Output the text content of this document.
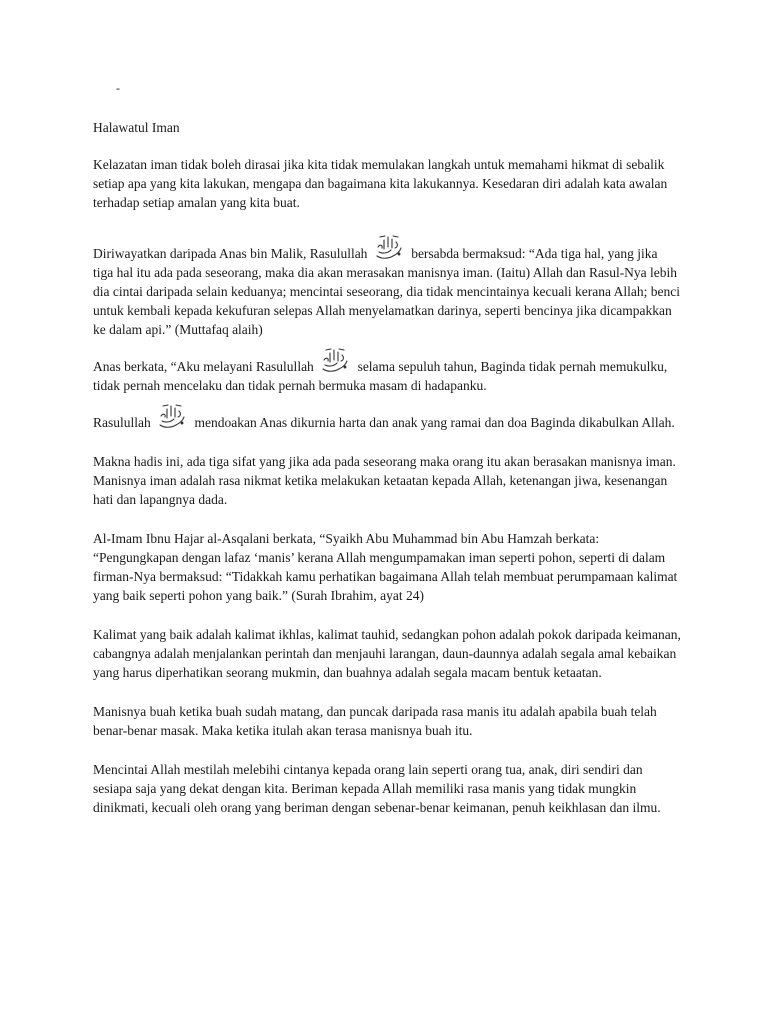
-
Halawatul Iman

Kelazatan iman tidak boleh dirasai jika kita tidak memulakan langkah untuk memahami hikmat di sebalik setiap apa yang kita lakukan, mengapa dan bagaimana kita lakukannya. Kesedaran diri adalah kata awalan terhadap setiap amalan yang kita buat.

Diriwayatkan daripada Anas bin Malik, Rasulullah	bersabda bermaksud: “Ada tiga hal, yang jika tiga hal itu ada pada seseorang, maka dia akan merasakan manisnya iman. (Iaitu) Allah dan Rasul-Nya lebih dia cintai daripada selain keduanya; mencintai seseorang, dia tidak mencintainya kecuali kerana Allah; benci untuk kembali kepada kekufuran selepas Allah menyelamatkan darinya, seperti bencinya jika dicampakkan ke dalam api.” (Muttafaq alaih)

Anas berkata, “Aku melayani Rasulullah	selama sepuluh tahun, Baginda tidak pernah memukulku, tidak pernah mencelaku dan tidak pernah bermuka masam di hadapanku.

Rasulullah	mendoakan Anas dikurnia harta dan anak yang ramai dan doa Baginda dikabulkan Allah.

Makna hadis ini, ada tiga sifat yang jika ada pada seseorang maka orang itu akan berasakan manisnya iman. Manisnya iman adalah rasa nikmat ketika melakukan ketaatan kepada Allah, ketenangan jiwa, kesenangan hati dan lapangnya dada.

Al-Imam Ibnu Hajar al-Asqalani berkata, “Syaikh Abu Muhammad bin Abu Hamzah berkata: “Pengungkapan dengan lafaz ‘manis’ kerana Allah mengumpamakan iman seperti pohon, seperti di dalam firman-Nya bermaksud: “Tidakkah kamu perhatikan bagaimana Allah telah membuat perumpamaan kalimat yang baik seperti pohon yang baik.” (Surah Ibrahim, ayat 24)

Kalimat yang baik adalah kalimat ikhlas, kalimat tauhid, sedangkan pohon adalah pokok daripada keimanan, cabangnya adalah menjalankan perintah dan menjauhi larangan, daun-daunnya adalah segala amal kebaikan yang harus diperhatikan seorang mukmin, dan buahnya adalah segala macam bentuk ketaatan.

Manisnya buah ketika buah sudah matang, dan puncak daripada rasa manis itu adalah apabila buah telah benar-benar masak. Maka ketika itulah akan terasa manisnya buah itu.

Mencintai Allah mestilah melebihi cintanya kepada orang lain seperti orang tua, anak, diri sendiri dan sesiapa saja yang dekat dengan kita. Beriman kepada Allah memiliki rasa manis yang tidak mungkin dinikmati, kecuali oleh orang yang beriman dengan sebenar-benar keimanan, penuh keikhlasan dan ilmu.
